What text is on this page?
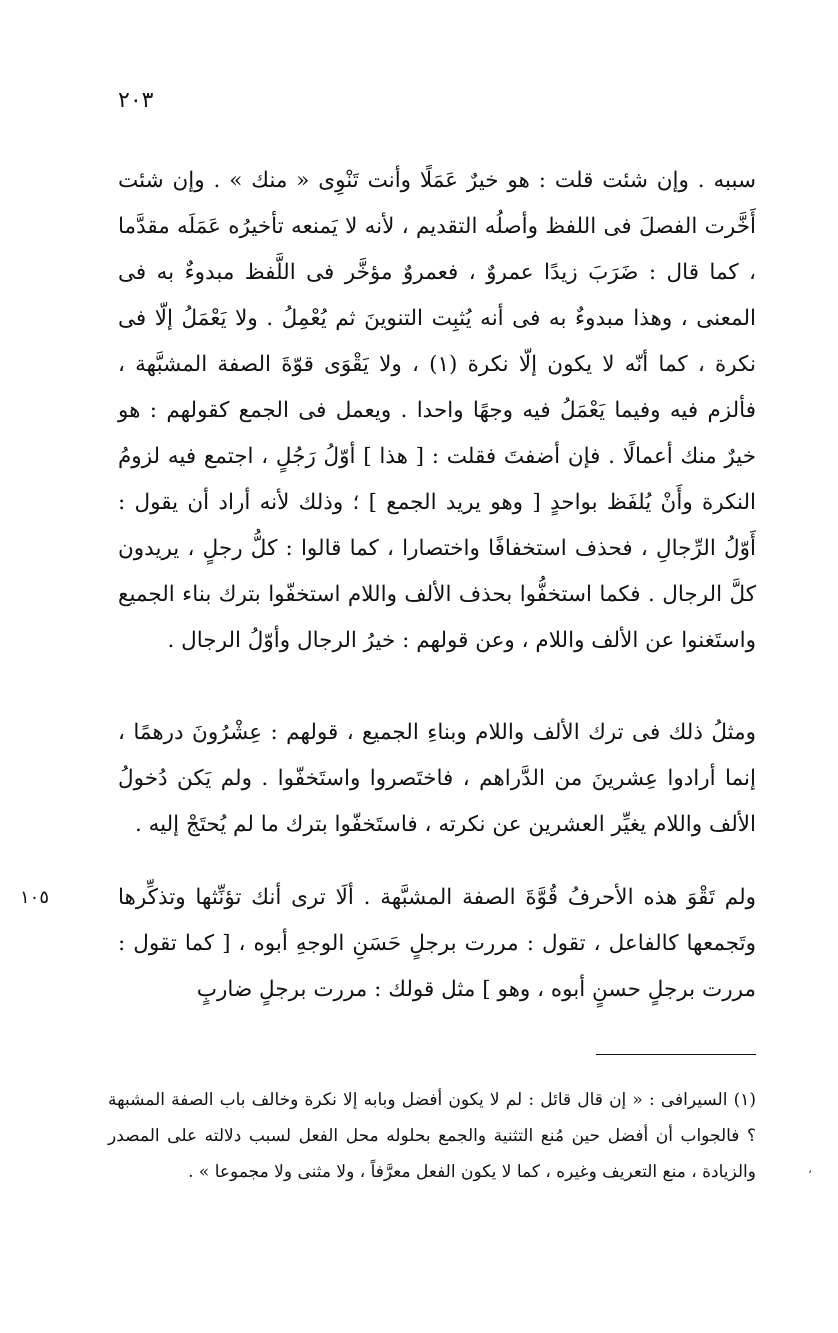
٢٠٣
سببه . وإن شئت قلت : هو خيرٌ عَمَلًا وأنت تَنْوِى « منك » . وإن شئت أَخَّرت الفصلَ فى اللفظ وأصلُه التقديم ، لأنه لا يَمنعه تأخيرُه عَمَلَه مقدَّما ، كما قال : ضَرَبَ زيدًا عمروٌ ، فعمروٌ مؤخَّر فى اللَّفظ مبدوءٌ به فى المعنى ، وهذا مبدوءٌ به فى أنه يُثبِت التنوينَ ثم يُعْمِلُ . ولا يَعْمَلُ إلّا فى نكرة ، كما أنّه لا يكون إلّا نكرة (١) ، ولا يَقْوَى قوّةَ الصفة المشبَّهة ، فألزم فيه وفيما يَعْمَلُ فيه وجهًا واحدا . ويعمل فى الجمع كقولهم : هو خيرٌ منك أعمالًا . فإن أضفتَ فقلت : [ هذا ] أوّلُ رَجُلٍ ، اجتمع فيه لزومُ النكرة وأَنْ يُلفَظ بواحدٍ [ وهو يريد الجمع ] ؛ وذلك لأنه أراد أن يقول : أَوّلُ الرِّجالِ ، فحذف استخفافًا واختصارا ، كما قالوا : كلُّ رجلٍ ، يريدون كلَّ الرجال . فكما استخفُّوا بحذف الألف واللام استخفّوا بترك بناء الجميع واستَغنوا عن الألف واللام ، وعن قولهم : خيرُ الرجال وأوّلُ الرجال .
ومثلُ ذلك فى ترك الألف واللام وبناءِ الجميع ، قولهم : عِشْرُونَ درهمًا ، إنما أرادوا عِشرينَ من الدَّراهم ، فاختَصروا واستَخفّوا . ولم يَكن دُخولُ الألف واللام يغيِّر العشرين عن نكرته ، فاستَخفّوا بترك ما لم يُحتَجْ إليه .
ولم تَقْوَ هذه الأحرفُ قُوَّةَ الصفة المشبَّهة . ألَا ترى أنك تؤنِّثها وتذكِّرها وتَجمعها كالفاعل ، تقول : مررت برجلٍ حَسَنِ الوجهِ أبوه ، [ كما تقول : مررت برجلٍ حسنٍ أبوه ، وهو ] مثل قولك : مررت برجلٍ ضاربٍ
١٠٥
(١) السيرافى : « إن قال قائل : لم لا يكون أفضل وبابه إلا نكرة وخالف باب الصفة المشبهة ؟ فالجواب أن أفضل حين مُنع التثنية والجمع بحلوله محل الفعل لسبب دلالته على المصدر والزيادة ، منع التعريف وغيره ، كما لا يكون الفعل معرَّفاً ، ولا مثنى ولا مجموعا » .	،
